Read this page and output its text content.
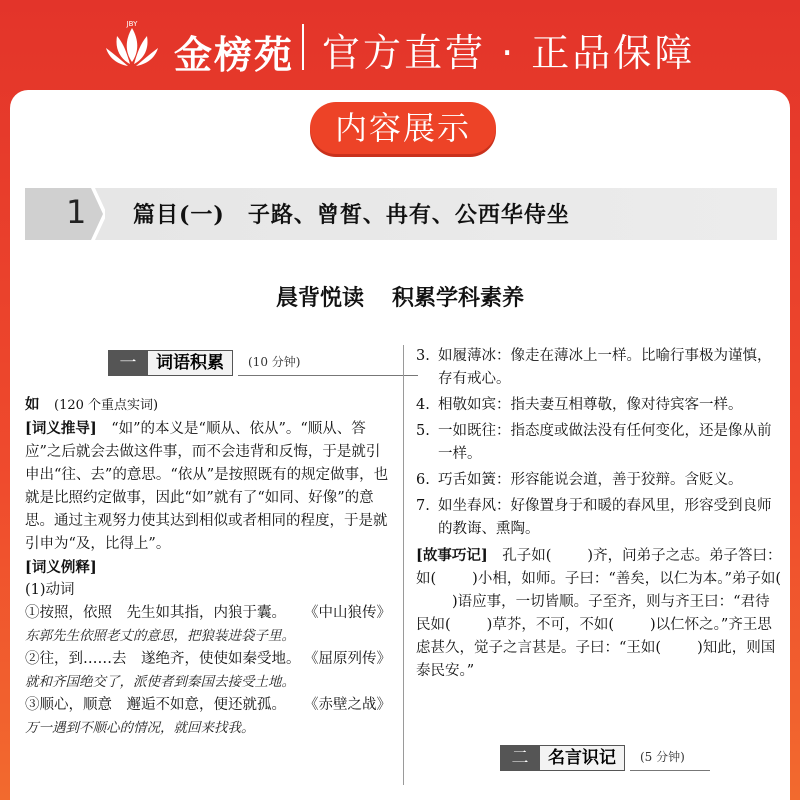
JBY
金榜苑 官方直营 · 正品保障
内容展示
1 篇目(一)　子路、曾皙、冉有、公西华侍坐
晨背悦读 积累学科素养
一	词语积累	(10 分钟)

如　 (120 个重点实词)

[词义推导]　 “如”的本义是“顺从、依从”。“顺从、答应”之后就会去做这件事，而不会违背和反悔，于是就引申出“往、去”的意思。“依从”是按照既有的规定做事，也就是比照约定做事，因此“如”就有了“如同、好像”的意思。通过主观努力使其达到相似或者相同的程度，于是就引申为“及，比得上”。

[词义例释]

(1)动词

①按照，依照　先生如其指，内狼于囊。 《中山狼传》

东郭先生依照老丈的意思，把狼装进袋子里。

②往，到……去　遂绝齐，使使如秦受地。 《屈原列传》

就和齐国绝交了，派使者到秦国去接受土地。

③顺心，顺意　邂逅不如意，便还就孤。 《赤壁之战》

万一遇到不顺心的情况，就回来找我。

3. 如履薄冰：像走在薄冰上一样。比喻行事极为谨慎，存有戒心。
4. 相敬如宾：指夫妻互相尊敬，像对待宾客一样。
5. 一如既往：指态度或做法没有任何变化，还是像从前一样。
6. 巧舌如簧：形容能说会道，善于狡辩。含贬义。
7. 如坐春风：好像置身于和暖的春风里，形容受到良师的教诲、熏陶。

[故事巧记]　 孔子如( )齐，问弟子之志。弟子答曰：如( )小相，如师。子曰：“善矣，以仁为本。”弟子如()语应事，一切皆顺。子至齐，则与齐王曰：“君待民如( )草芥，不可，不如( )以仁怀之。”齐王思虑甚久，觉子之言甚是。子曰：“王如( )知此，则国泰民安。”

二	名言识记	(5 分钟)
